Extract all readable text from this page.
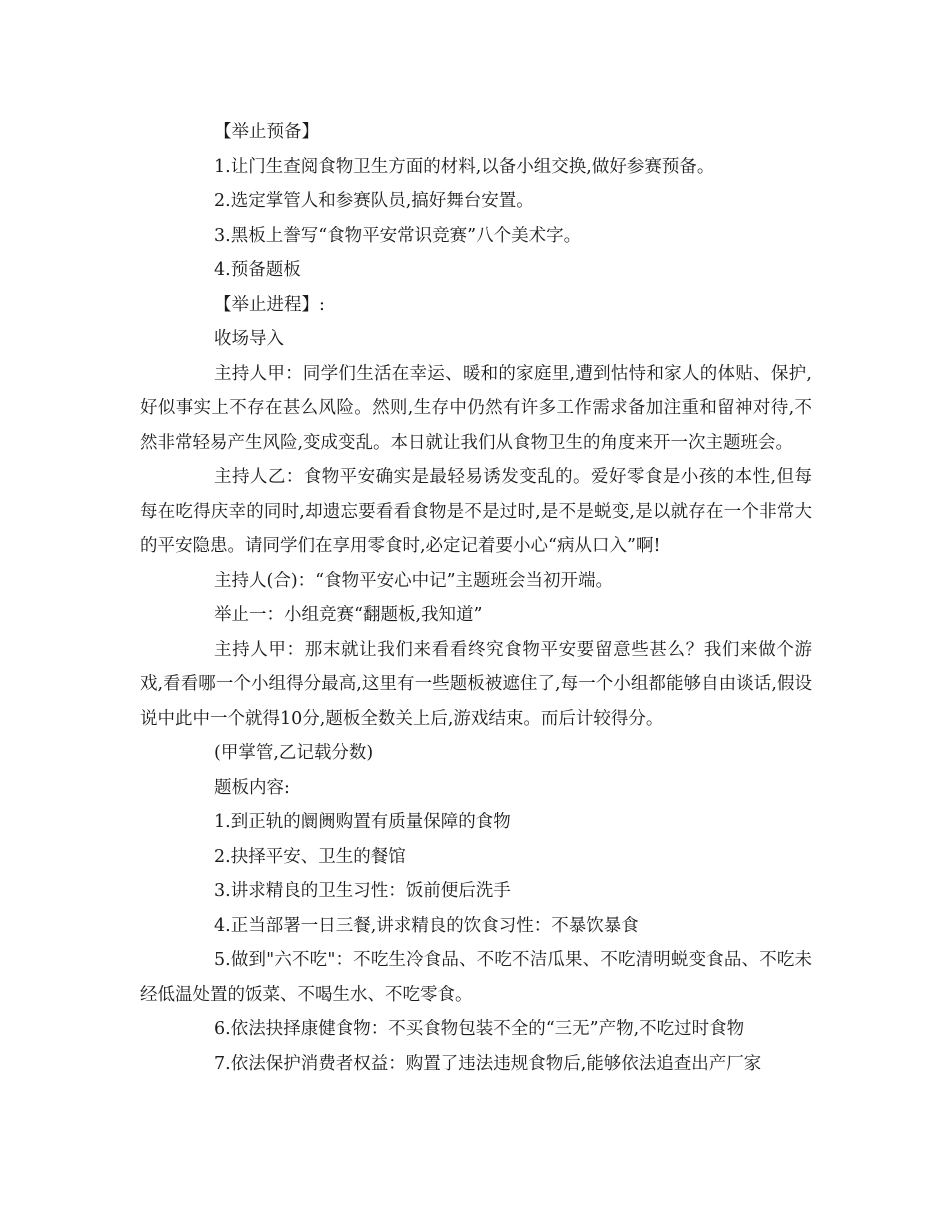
【举止预备】
1.让门生查阅食物卫生方面的材料,以备小组交换,做好参赛预备。
2.选定掌管人和参赛队员,搞好舞台安置。
3.黑板上誊写“食物平安常识竞赛”八个美术字。
4.预备题板
【举止进程】:
收场导入

主持人甲：同学们生活在幸运、暖和的家庭里,遭到怙恃和家人的体贴、保护,好似事实上不存在甚么风险。然则,生存中仍然有许多工作需求备加注重和留神对待,不然非常轻易产生风险,变成变乱。本日就让我们从食物卫生的角度来开一次主题班会。

主持人乙：食物平安确实是最轻易诱发变乱的。爱好零食是小孩的本性,但每每在吃得庆幸的同时,却遗忘要看看食物是不是过时,是不是蜕变,是以就存在一个非常大的平安隐患。请同学们在享用零食时,必定记着要小心“病从口入”啊!

主持人(合)：“食物平安心中记”主题班会当初开端。
举止一：小组竞赛“翻题板,我知道”

主持人甲：那末就让我们来看看终究食物平安要留意些甚么？我们来做个游戏,看看哪一个小组得分最高,这里有一些题板被遮住了,每一个小组都能够自由谈话,假设说中此中一个就得10分,题板全数关上后,游戏结束。而后计较得分。

(甲掌管,乙记载分数)
题板内容:
1.到正轨的阛阓购置有质量保障的食物
2.抉择平安、卫生的餐馆
3.讲求精良的卫生习性：饭前便后洗手
4.正当部署一日三餐,讲求精良的饮食习性：不暴饮暴食

5.做到"六不吃"：不吃生冷食品、不吃不洁瓜果、不吃清明蜕变食品、不吃未经低温处置的饭菜、不喝生水、不吃零食。

6.依法抉择康健食物：不买食物包装不全的“三无”产物,不吃过时食物
7.依法保护消费者权益：购置了违法违规食物后,能够依法追查出产厂家
